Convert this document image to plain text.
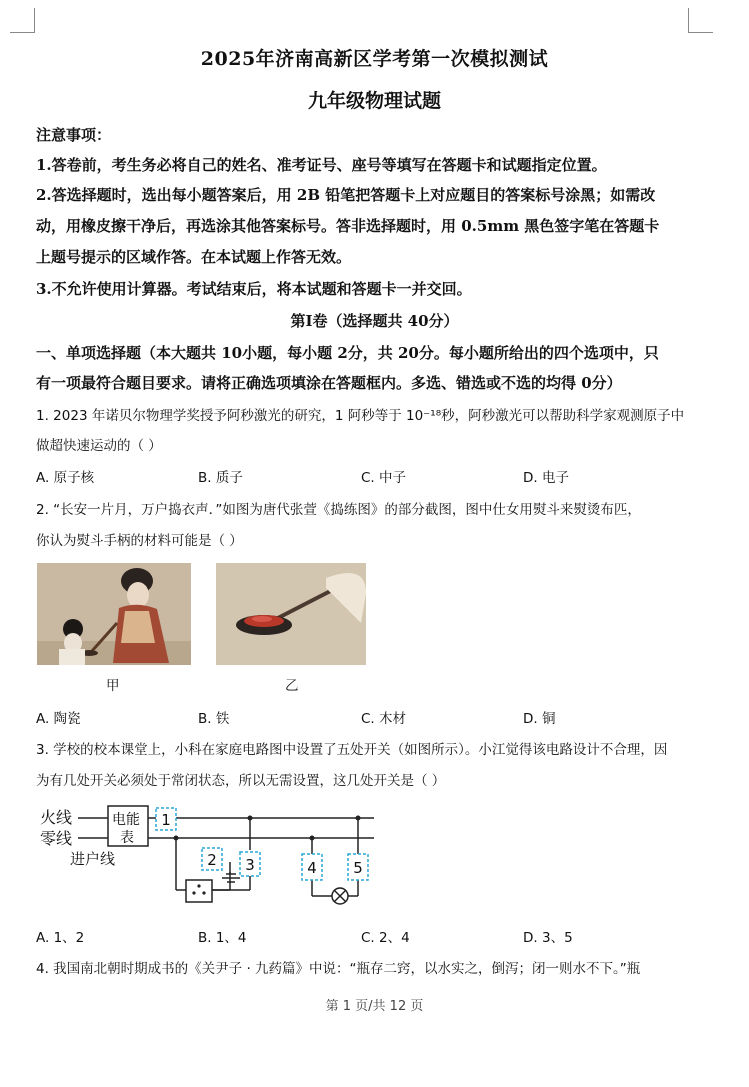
2025年济南高新区学考第一次模拟测试
九年级物理试题
注意事项：
1.答卷前，考生务必将自己的姓名、准考证号、座号等填写在答题卡和试题指定位置。
2.答选择题时，选出每小题答案后，用 2B 铅笔把答题卡上对应题目的答案标号涂黑；如需改
动，用橡皮擦干净后，再选涂其他答案标号。答非选择题时，用 0.5mm 黑色签字笔在答题卡
上题号提示的区域作答。在本试题上作答无效。
3.不允许使用计算器。考试结束后，将本试题和答题卡一并交回。
第Ⅰ卷（选择题共 40分）
一、单项选择题（本大题共 10小题，每小题 2分，共 20分。每小题所给出的四个选项中，只
有一项最符合题目要求。请将正确选项填涂在答题框内。多选、错选或不选的均得 0分）
1. 2023 年诺贝尔物理学奖授予阿秒激光的研究，1 阿秒等于 10⁻¹⁸秒，阿秒激光可以帮助科学家观测原子中
做超快速运动的（ ）
A. 原子核	B. 质子	C. 中子	D. 电子
2. “长安一片月，万户捣衣声．”如图为唐代张萱《捣练图》的部分截图，图中仕女用熨斗来熨烫布匹，
你认为熨斗手柄的材料可能是（ ）
甲	乙
A. 陶瓷	B. 铁	C. 木材	D. 铜
3. 学校的校本课堂上，小科在家庭电路图中设置了五处开关（如图所示）。小江觉得该电路设计不合理，因
为有几处开关必须处于常闭状态，所以无需设置，这几处开关是（ ）
火线
零线
电能
表
进户线
1
2 3	4 5
A. 1、2	B. 1、4	C. 2、4	D. 3、5
4. 我国南北朝时期成书的《关尹子 · 九药篇》中说：“瓶存二窍，以水实之，倒泻；闭一则水不下。”瓶
第 1 页/共 12 页
